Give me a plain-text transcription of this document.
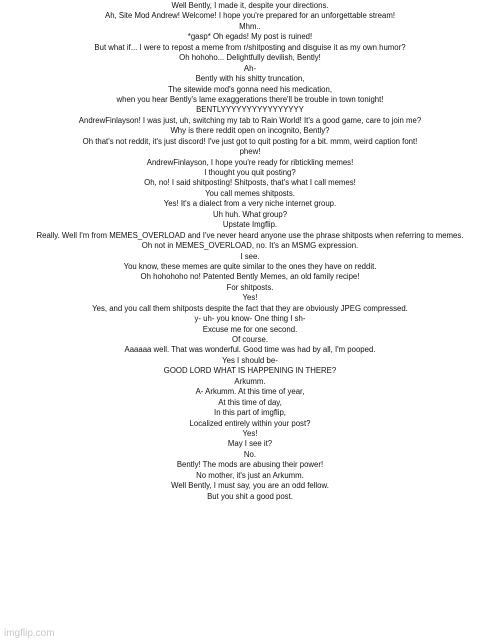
Well Bently, I made it, despite your directions.
Ah, Site Mod Andrew! Welcome! I hope you're prepared for an unforgettable stream!
Mhm..
*gasp* Oh egads! My post is ruined!
But what if... I were to repost a meme from r/shitposting and disguise it as my own humor?
Oh hohoho... Delightfully devilish, Bently!
Ah-
Bently with his shitty truncation,
The sitewide mod's gonna need his medication,
when you hear Bently's lame exaggerations there'll be trouble in town tonight!
BENTLYYYYYYYYYYYYYYYY
AndrewFinlayson! I was just, uh, switching my tab to Rain World! It's a good game, care to join me?
Why is there reddit open on incognito, Bently?
Oh that's not reddit, it's just discord! I've just got to quit posting for a bit. mmm, weird caption font!
phew!
AndrewFinlayson, I hope you're ready for ribtickling memes!
I thought you quit posting?
Oh, no! I said shitposting! Shitposts, that's what I call memes!
You call memes shitposts.
Yes! It's a dialect from a very niche internet group.
Uh huh. What group?
Upstate Imgflip.
Really. Well I'm from MEMES_OVERLOAD and I've never heard anyone use the phrase shitposts when referring to memes.
Oh not in MEMES_OVERLOAD, no. It's an MSMG expression.
I see.
You know, these memes are quite similar to the ones they have on reddit.
Oh hohohoho no! Patented Bently Memes, an old family recipe!
For shitposts.
Yes!
Yes, and you call them shitposts despite the fact that they are obviously JPEG compressed.
y- uh- you know- One thing I sh-
Excuse me for one second.
Of course.
Aaaaaa well. That was wonderful. Good time was had by all, I'm pooped.
Yes I should be-
GOOD LORD WHAT IS HAPPENING IN THERE?
Arkumm.
A- Arkumm. At this time of year,
At this time of day,
In this part of imgflip,
Localized entirely within your post?
Yes!
May I see it?
No.
Bently! The mods are abusing their power!
No mother, it's just an Arkumm.
Well Bently, I must say, you are an odd fellow.
But you shit a good post.
imgflip.com
